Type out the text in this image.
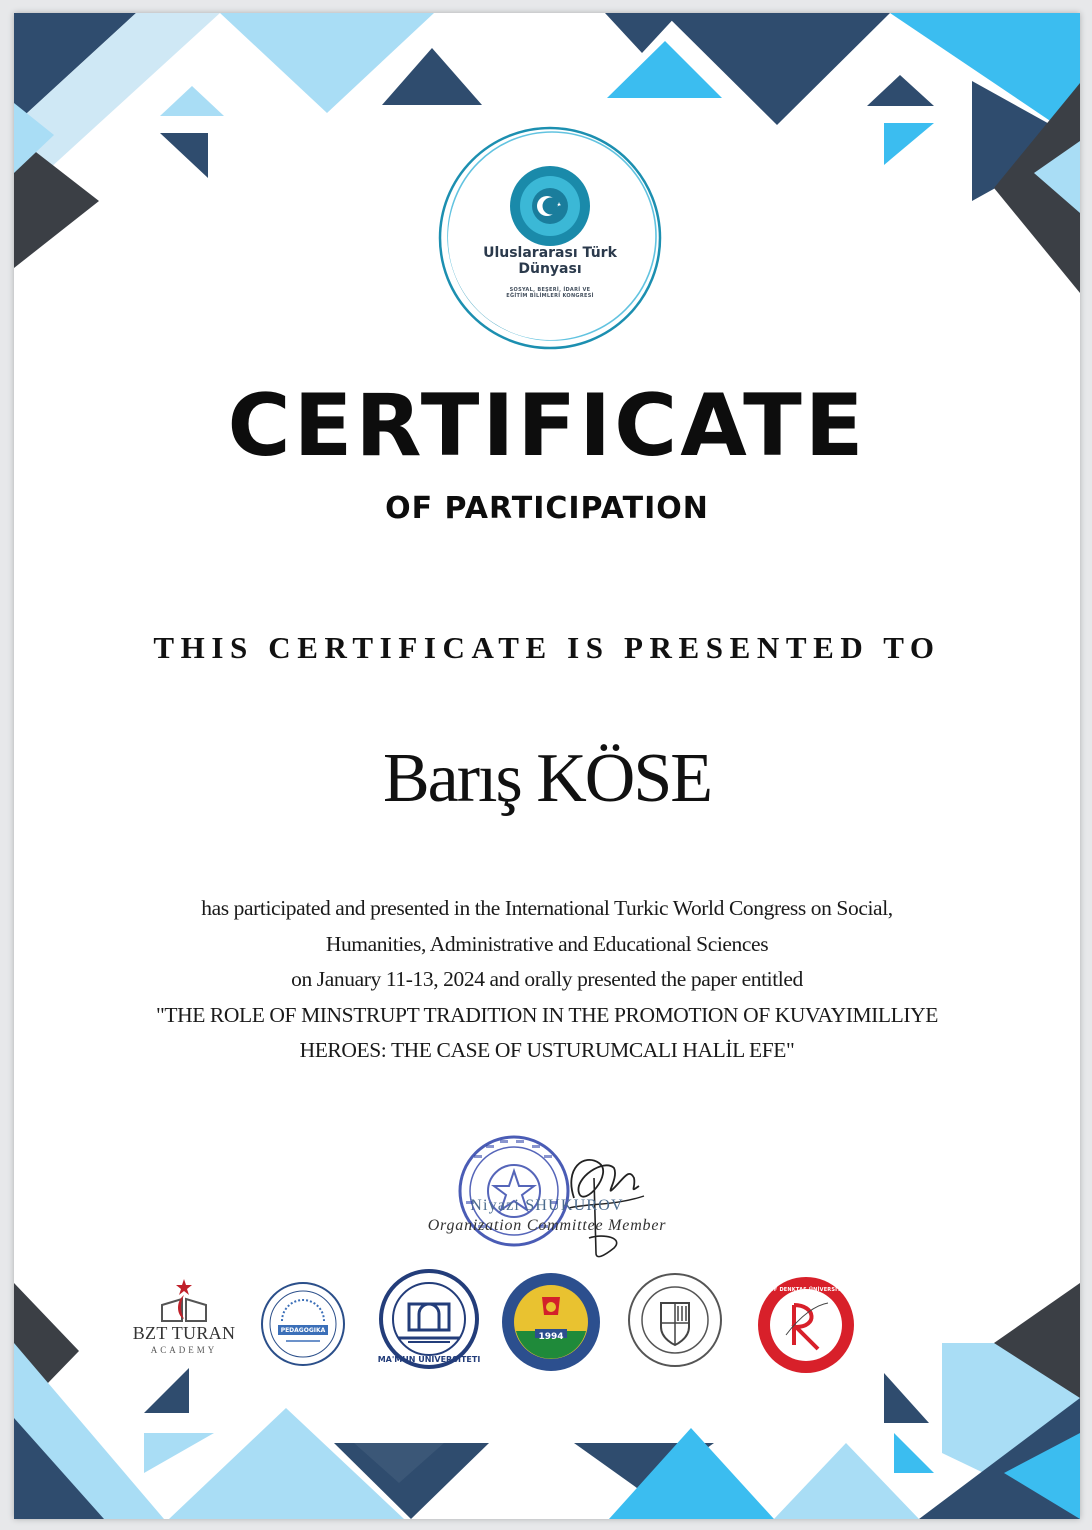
Uluslararası Türk
Dünyası
SOSYAL, BEŞERİ, İDARİ VE
EĞİTİM BİLİMLERİ KONGRESİ
CERTIFICATE
OF PARTICIPATION
THIS CERTIFICATE IS PRESENTED TO
Barış KÖSE
has participated and presented in the International Turkic World Congress on Social,
Humanities, Administrative and Educational Sciences
on January 11-13, 2024 and orally presented the paper entitled
"THE ROLE OF MINSTRUPT TRADITION IN THE PROMOTION OF KUVAYIMILLIYE
HEROES: THE CASE OF USTURUMCALI HALİL EFE"
Niyazi SHUKUROV
Organization Committee Member
BZT TURAN
ACADEMY
PEDAGOGIKA
MA'MUN UNIVERSITETI
1994
RAUF DENKTAŞ ÜNİVERSİTESİ
